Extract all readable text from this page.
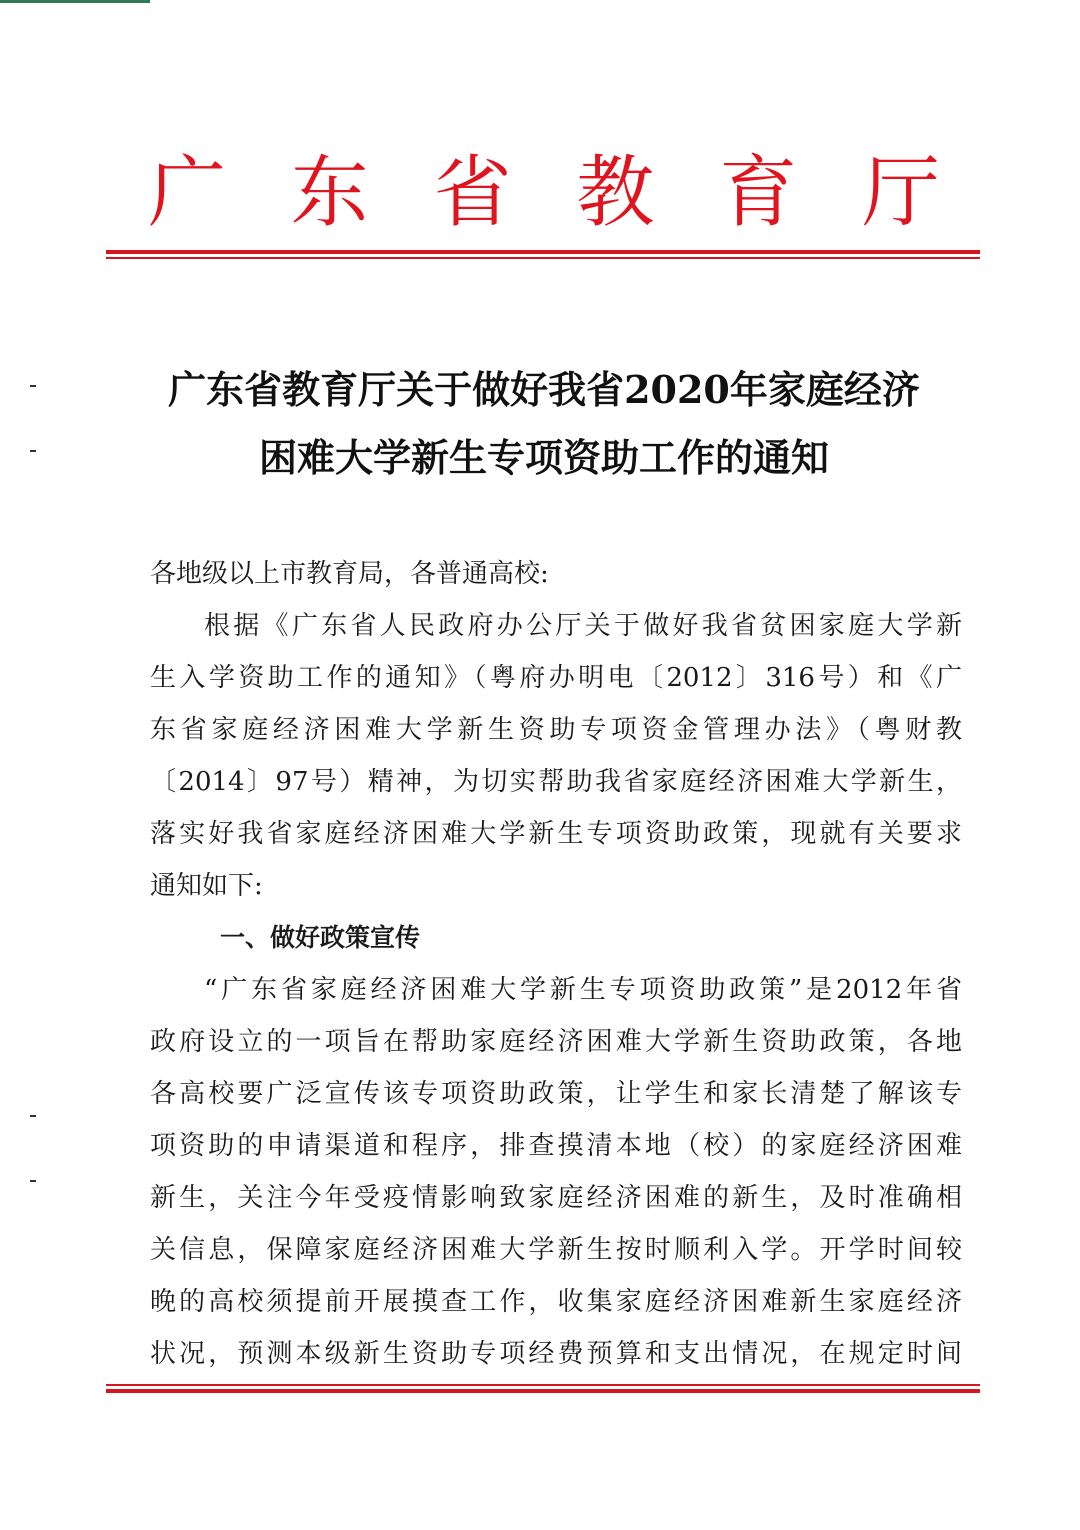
广 东 省 教 育 厅
广东省教育厅关于做好我省2020年家庭经济
困难大学新生专项资助工作的通知
各地级以上市教育局，各普通高校:
根据《广东省人民政府办公厅关于做好我省贫困家庭大学新
生入学资助工作的通知》（粤府办明电〔2012〕316号）和《广
东省家庭经济困难大学新生资助专项资金管理办法》（粤财教
〔2014〕97号）精神，为切实帮助我省家庭经济困难大学新生，
落实好我省家庭经济困难大学新生专项资助政策，现就有关要求
通知如下:
一、做好政策宣传
“广东省家庭经济困难大学新生专项资助政策”是2012年省
政府设立的一项旨在帮助家庭经济困难大学新生资助政策，各地
各高校要广泛宣传该专项资助政策，让学生和家长清楚了解该专
项资助的申请渠道和程序，排查摸清本地（校）的家庭经济困难
新生，关注今年受疫情影响致家庭经济困难的新生，及时准确相
关信息，保障家庭经济困难大学新生按时顺利入学。开学时间较
晚的高校须提前开展摸查工作，收集家庭经济困难新生家庭经济
状况，预测本级新生资助专项经费预算和支出情况，在规定时间
